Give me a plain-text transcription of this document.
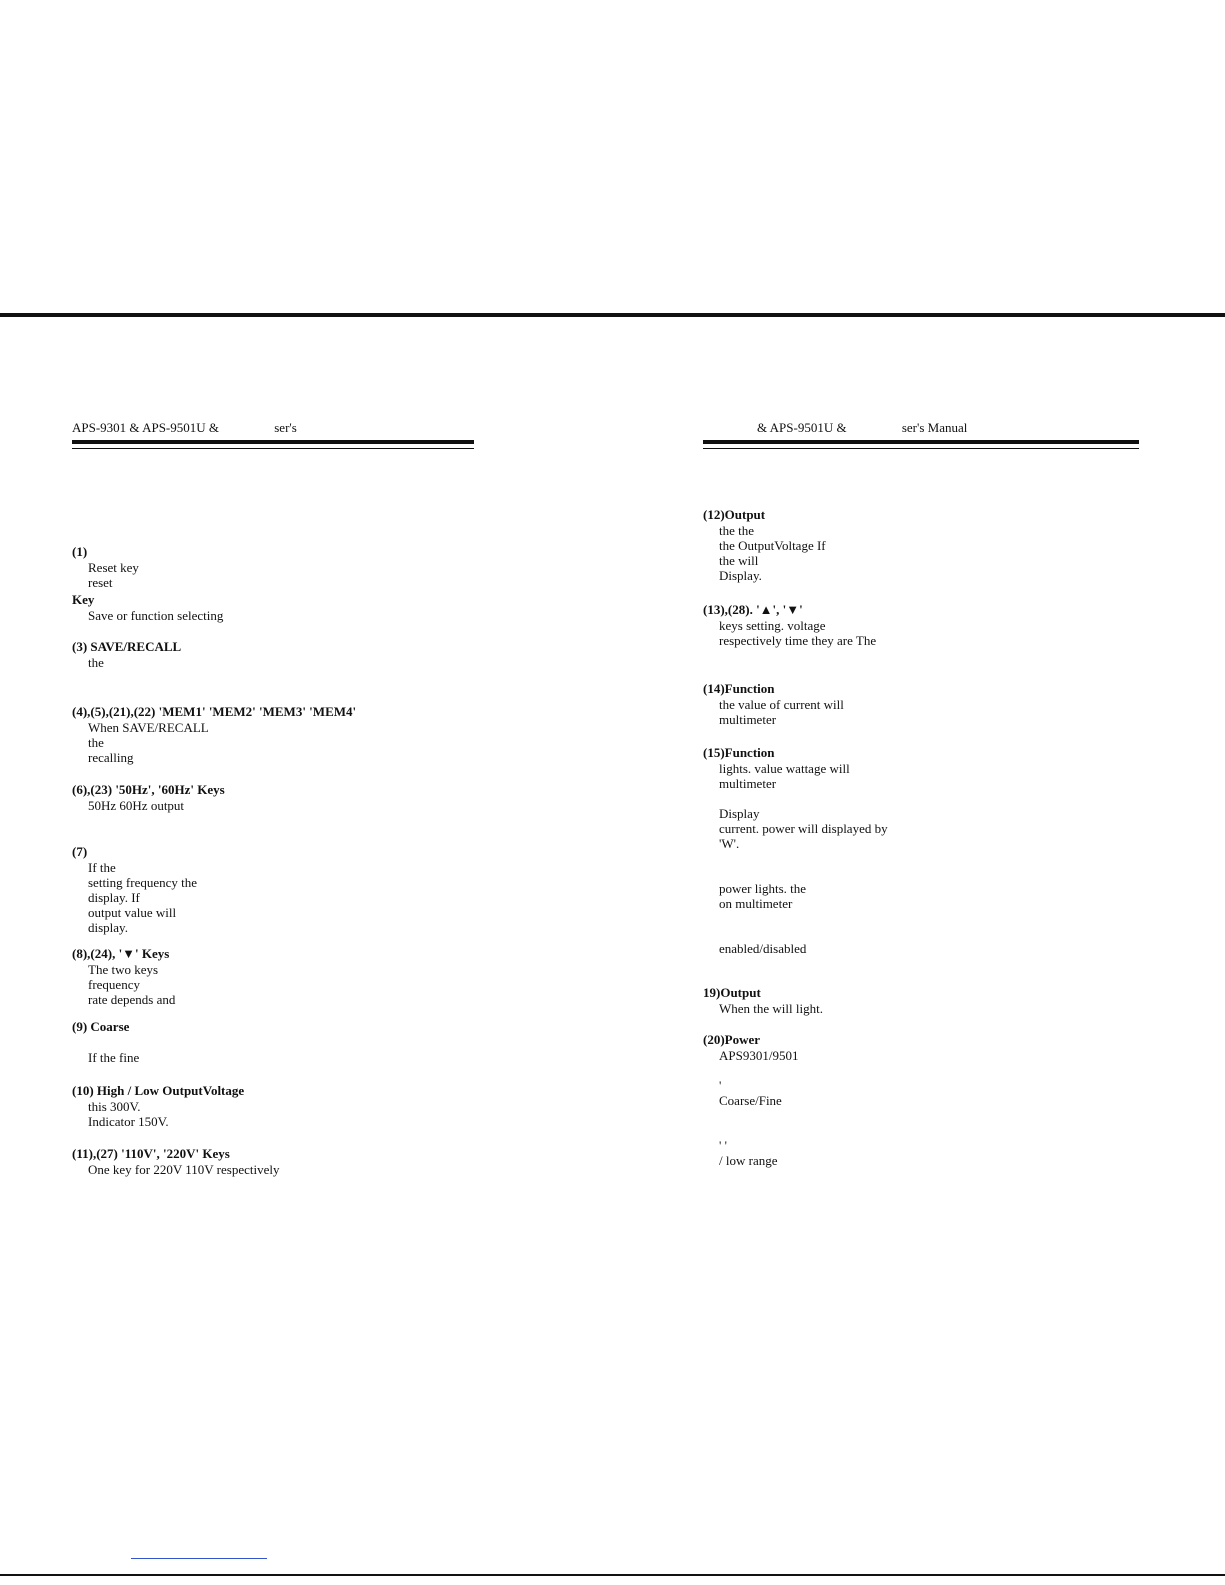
APS-9301 & APS-9501U &	ser's
(1)
Reset key
reset
Key
Save or function selecting
(3) SAVE/RECALL
the
(4),(5),(21),(22) 'MEM1' 'MEM2' 'MEM3' 'MEM4'
When SAVE/RECALL
the
recalling
(6),(23) '50Hz', '60Hz' Keys
50Hz 60Hz output
(7)
If the
setting frequency the
display. If
output value will
display.
(8),(24), '▼' Keys
The two keys
frequency
rate depends and
(9) Coarse

If the fine
(10) High / Low OutputVoltage
this 300V.
Indicator 150V.
(11),(27) '110V', '220V' Keys
One key for 220V 110V respectively
& APS-9501U &	ser's Manual
(12)Output
the the
the OutputVoltage If
the will
Display.
(13),(28). '▲', '▼'
keys setting. voltage
respectively time they are The
(14)Function
the value of current will
multimeter
(15)Function
lights. value wattage will
multimeter

Display
current. power will displayed by
'W'.

power lights. the
on multimeter

enabled/disabled
19)Output
When the will light.
(20)Power
APS9301/9501

'
Coarse/Fine

' '
/ low range
